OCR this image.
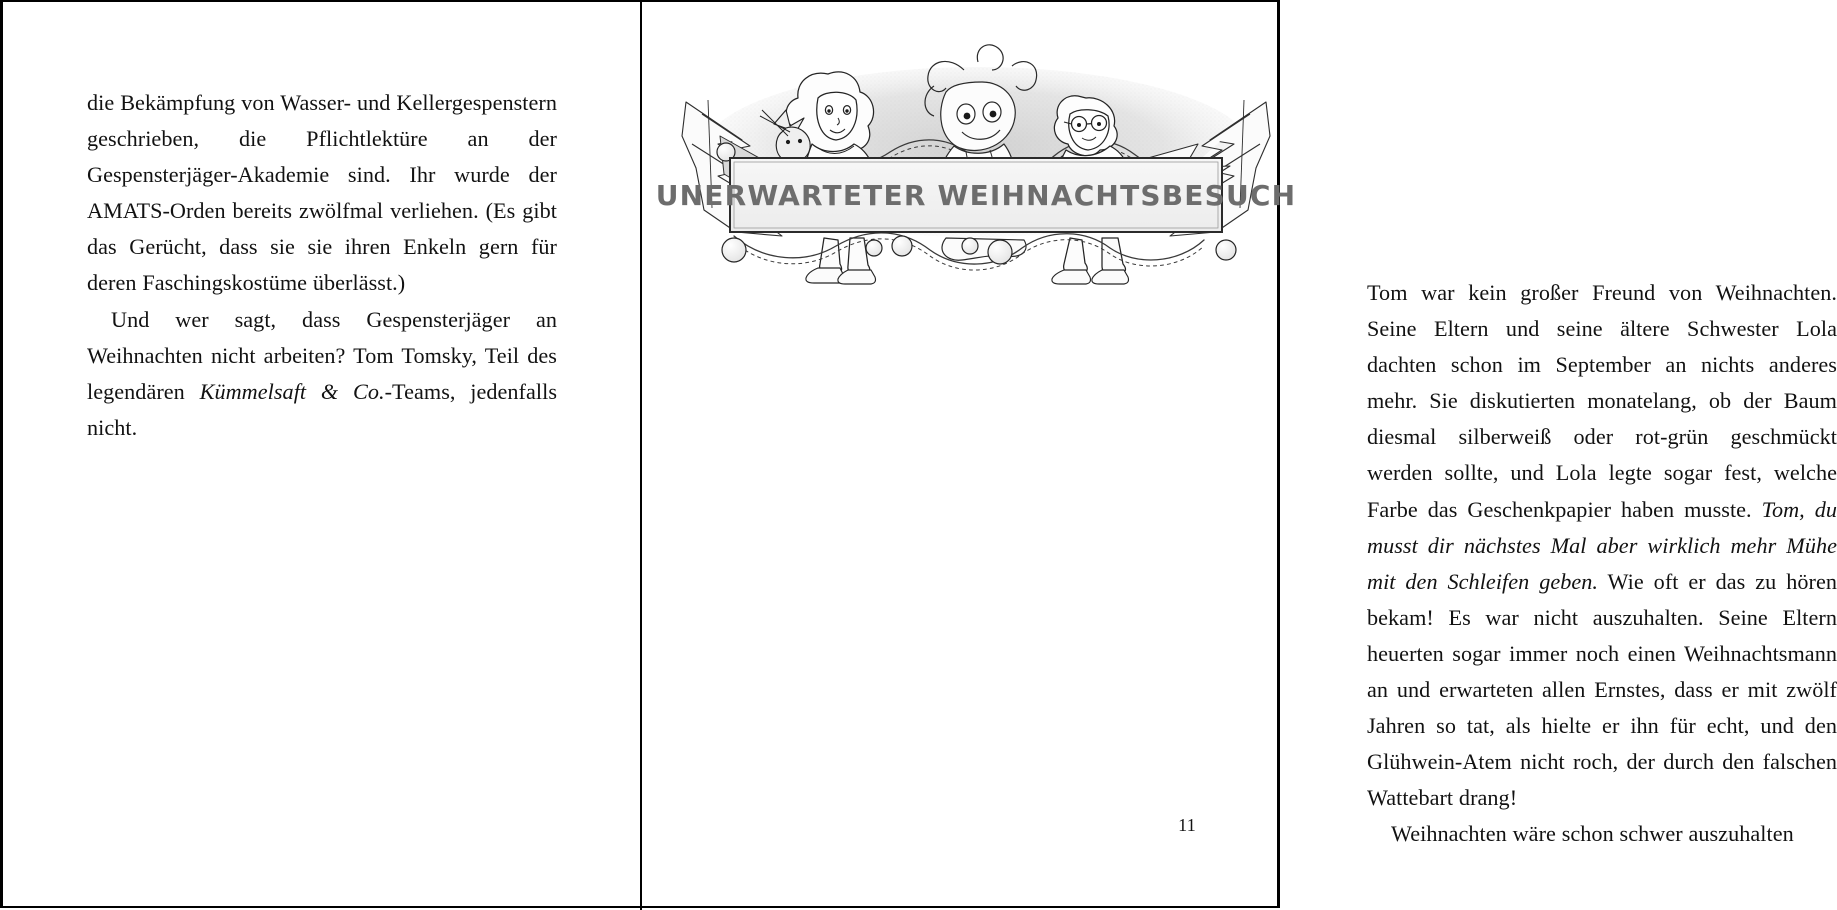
die Bekämpfung von Wasser- und Kellergespenstern geschrieben, die Pflichtlektüre an der Gespensterjäger-Akademie sind. Ihr wurde der AMATS-Orden bereits zwölfmal verliehen. (Es gibt das Gerücht, dass sie sie ihren Enkeln gern für deren Faschingskostüme überlässt.)

Und wer sagt, dass Gespensterjäger an Weihnachten nicht arbeiten? Tom Tomsky, Teil des legendären Kümmelsaft & Co.-Teams, jedenfalls nicht.

UNERWARTETER WEIHNACHTSBESUCH

Tom war kein großer Freund von Weihnachten. Seine Eltern und seine ältere Schwester Lola dachten schon im September an nichts anderes mehr. Sie diskutierten monatelang, ob der Baum diesmal silberweiß oder rot-grün geschmückt werden sollte, und Lola legte sogar fest, welche Farbe das Geschenkpapier haben musste. Tom, du musst dir nächstes Mal aber wirklich mehr Mühe mit den Schleifen geben. Wie oft er das zu hören bekam! Es war nicht auszuhalten. Seine Eltern heuerten sogar immer noch einen Weihnachtsmann an und erwarteten allen Ernstes, dass er mit zwölf Jahren so tat, als hielte er ihn für echt, und den Glühwein-Atem nicht roch, der durch den falschen Wattebart drang!

Weihnachten wäre schon schwer auszuhalten

11
